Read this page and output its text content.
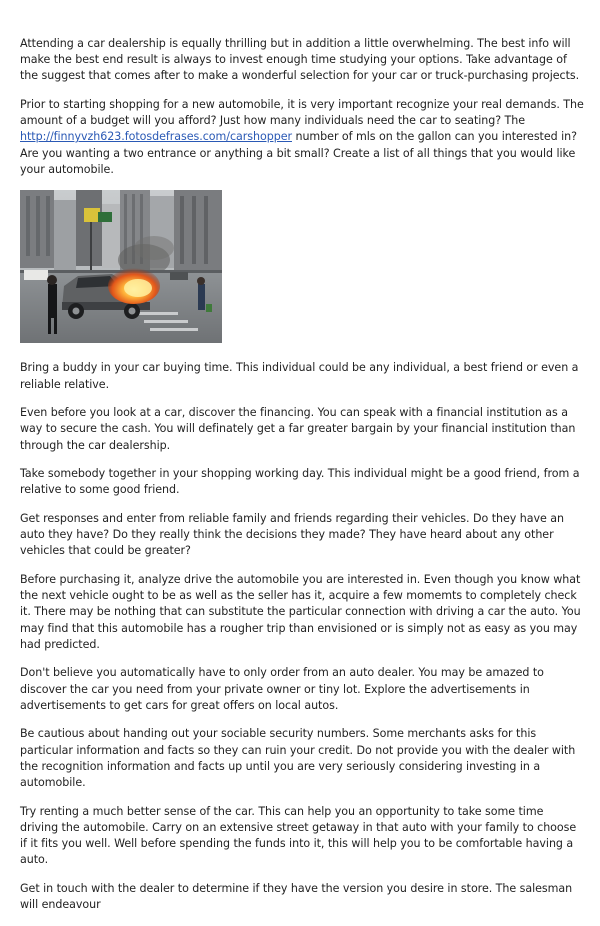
Attending a car dealership is equally thrilling but in addition a little overwhelming. The best info will make the best end result is always to invest enough time studying your options. Take advantage of the suggest that comes after to make a wonderful selection for your car or truck-purchasing projects.

Prior to starting shopping for a new automobile, it is very important recognize your real demands. The amount of a budget will you afford? Just how many individuals need the car to seating? The http://finnyvzh623.fotosdefrases.com/carshopper number of mls on the gallon can you interested in? Are you wanting a two entrance or anything a bit small? Create a list of all things that you would like your automobile.

Bring a buddy in your car buying time. This individual could be any individual, a best friend or even a reliable relative.

Even before you look at a car, discover the financing. You can speak with a financial institution as a way to secure the cash. You will definately get a far greater bargain by your financial institution than through the car dealership.

Take somebody together in your shopping working day. This individual might be a good friend, from a relative to some good friend.

Get responses and enter from reliable family and friends regarding their vehicles. Do they have an auto they have? Do they really think the decisions they made? They have heard about any other vehicles that could be greater?

Before purchasing it, analyze drive the automobile you are interested in. Even though you know what the next vehicle ought to be as well as the seller has it, acquire a few momemts to completely check it. There may be nothing that can substitute the particular connection with driving a car the auto. You may find that this automobile has a rougher trip than envisioned or is simply not as easy as you may had predicted.

Don't believe you automatically have to only order from an auto dealer. You may be amazed to discover the car you need from your private owner or tiny lot. Explore the advertisements in advertisements to get cars for great offers on local autos.

Be cautious about handing out your sociable security numbers. Some merchants asks for this particular information and facts so they can ruin your credit. Do not provide you with the dealer with the recognition information and facts up until you are very seriously considering investing in a automobile.

Try renting a much better sense of the car. This can help you an opportunity to take some time driving the automobile. Carry on an extensive street getaway in that auto with your family to choose if it fits you well. Well before spending the funds into it, this will help you to be comfortable having a auto.

Get in touch with the dealer to determine if they have the version you desire in store. The salesman will endeavour
